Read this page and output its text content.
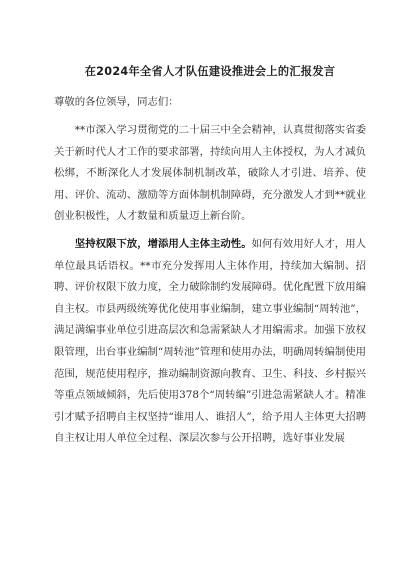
在2024年全省人才队伍建设推进会上的汇报发言
尊敬的各位领导，同志们：

**市深入学习贯彻党的二十届三中全会精神，认真贯彻落实省委关于新时代人才工作的要求部署，持续向用人主体授权，为人才减负松绑，不断深化人才发展体制机制改革，破除人才引进、培养、使用、评价、流动、激励等方面体制机制障碍，充分激发人才到**就业创业积极性，人才数量和质量迈上新台阶。

坚持权限下放，增添用人主体主动性。如何有效用好人才，用人单位最具话语权。**市充分发挥用人主体作用，持续加大编制、招聘、评价权限下放力度，全力破除制约发展障碍。优化配置下放用编自主权。市县两级统筹优化使用事业编制，建立事业编制“周转池”，满足满编事业单位引进高层次和急需紧缺人才用编需求。加强下放权限管理，出台事业编制“周转池”管理和使用办法，明确周转编制使用范围，规范使用程序，推动编制资源向教育、卫生、科技、乡村振兴等重点领域倾斜，先后使用378个“周转编”引进急需紧缺人才。精准引才赋予招聘自主权坚持“谁用人、谁招人”，给予用人主体更大招聘自主权让用人单位全过程、深层次参与公开招聘，选好事业发展
